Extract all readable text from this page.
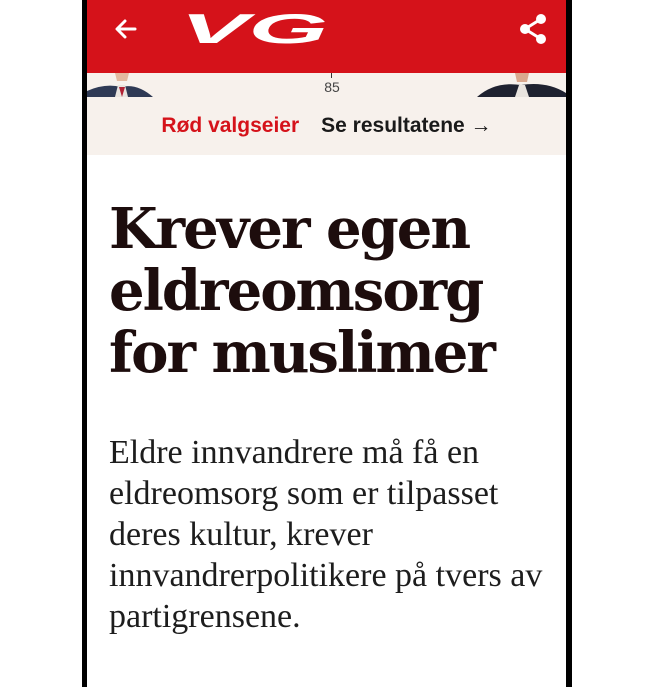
VG
85
Rød valgseier Se resultatene →
Krever egen
eldreomsorg
for muslimer

Eldre innvandrere må få en eldreomsorg som er tilpasset deres kultur, krever innvandrerpolitikere på tvers av partigrensene.
